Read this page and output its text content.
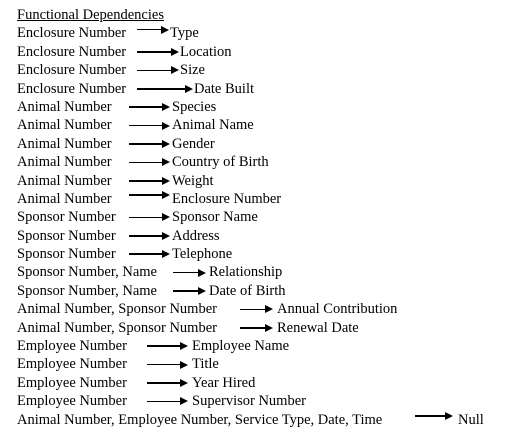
Functional Dependencies
Enclosure Number	Type
Enclosure Number	Location
Enclosure Number	Size
Enclosure Number	Date Built
Animal Number	Species
Animal Number	Animal Name
Animal Number	Gender
Animal Number	Country of Birth
Animal Number	Weight
Animal Number	Enclosure Number
Sponsor Number	Sponsor Name
Sponsor Number	Address
Sponsor Number	Telephone
Sponsor Number, Name	Relationship
Sponsor Number, Name	Date of Birth
Animal Number, Sponsor Number	Annual Contribution
Animal Number, Sponsor Number	Renewal Date
Employee Number	Employee Name
Employee Number	Title
Employee Number	Year Hired
Employee Number	Supervisor Number
Animal Number, Employee Number, Service Type, Date, Time	Null
